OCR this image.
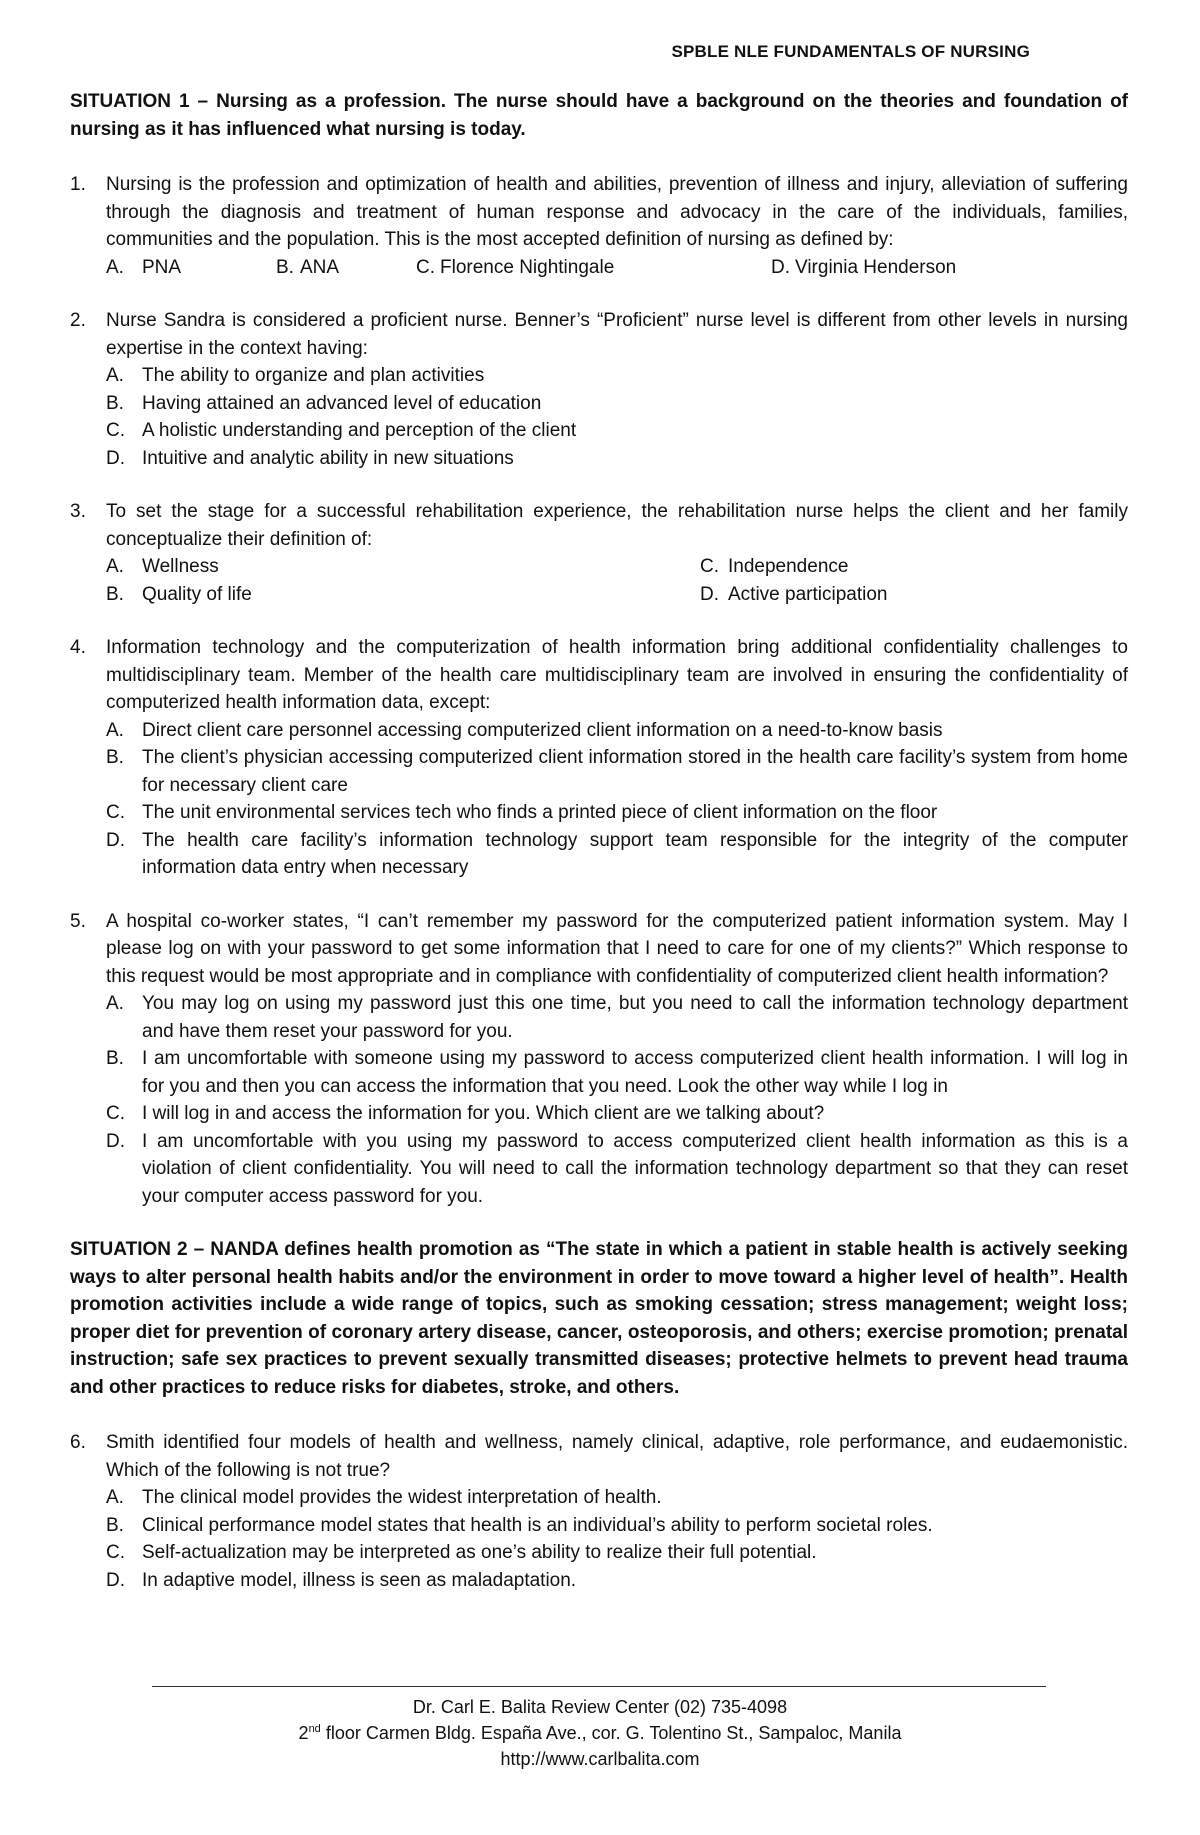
SPBLE NLE FUNDAMENTALS OF NURSING

SITUATION 1 – Nursing as a profession. The nurse should have a background on the theories and foundation of nursing as it has influenced what nursing is today.

1.	Nursing is the profession and optimization of health and abilities, prevention of illness and injury, alleviation of suffering through the diagnosis and treatment of human response and advocacy in the care of the individuals, families, communities and the population. This is the most accepted definition of nursing as defined by:
A. PNA	B. ANA	C. Florence Nightingale	D. Virginia Henderson
2.	Nurse Sandra is considered a proficient nurse. Benner’s “Proficient” nurse level is different from other levels in nursing expertise in the context having:
A. The ability to organize and plan activities
B. Having attained an advanced level of education
C. A holistic understanding and perception of the client
D. Intuitive and analytic ability in new situations
3.	To set the stage for a successful rehabilitation experience, the rehabilitation nurse helps the client and her family conceptualize their definition of:
A. Wellness	C. Independence
B. Quality of life	D. Active participation
4.	Information technology and the computerization of health information bring additional confidentiality challenges to multidisciplinary team. Member of the health care multidisciplinary team are involved in ensuring the confidentiality of computerized health information data, except:
A. Direct client care personnel accessing computerized client information on a need-to-know basis
B. The client’s physician accessing computerized client information stored in the health care facility’s system from home for necessary client care
C. The unit environmental services tech who finds a printed piece of client information on the floor
D. The health care facility’s information technology support team responsible for the integrity of the computer information data entry when necessary
5.	A hospital co-worker states, “I can’t remember my password for the computerized patient information system. May I please log on with your password to get some information that I need to care for one of my clients?” Which response to this request would be most appropriate and in compliance with confidentiality of computerized client health information?
A. You may log on using my password just this one time, but you need to call the information technology department and have them reset your password for you.
B. I am uncomfortable with someone using my password to access computerized client health information. I will log in for you and then you can access the information that you need. Look the other way while I log in
C. I will log in and access the information for you. Which client are we talking about?
D. I am uncomfortable with you using my password to access computerized client health information as this is a violation of client confidentiality. You will need to call the information technology department so that they can reset your computer access password for you.

SITUATION 2 – NANDA defines health promotion as “The state in which a patient in stable health is actively seeking ways to alter personal health habits and/or the environment in order to move toward a higher level of health”. Health promotion activities include a wide range of topics, such as smoking cessation; stress management; weight loss; proper diet for prevention of coronary artery disease, cancer, osteoporosis, and others; exercise promotion; prenatal instruction; safe sex practices to prevent sexually transmitted diseases; protective helmets to prevent head trauma and other practices to reduce risks for diabetes, stroke, and others.

6.	Smith identified four models of health and wellness, namely clinical, adaptive, role performance, and eudaemonistic. Which of the following is not true?
A. The clinical model provides the widest interpretation of health.
B. Clinical performance model states that health is an individual’s ability to perform societal roles.
C. Self-actualization may be interpreted as one’s ability to realize their full potential.
D. In adaptive model, illness is seen as maladaptation.
Dr. Carl E. Balita Review Center (02) 735-4098
2nd floor Carmen Bldg. España Ave., cor. G. Tolentino St., Sampaloc, Manila
http://www.carlbalita.com
